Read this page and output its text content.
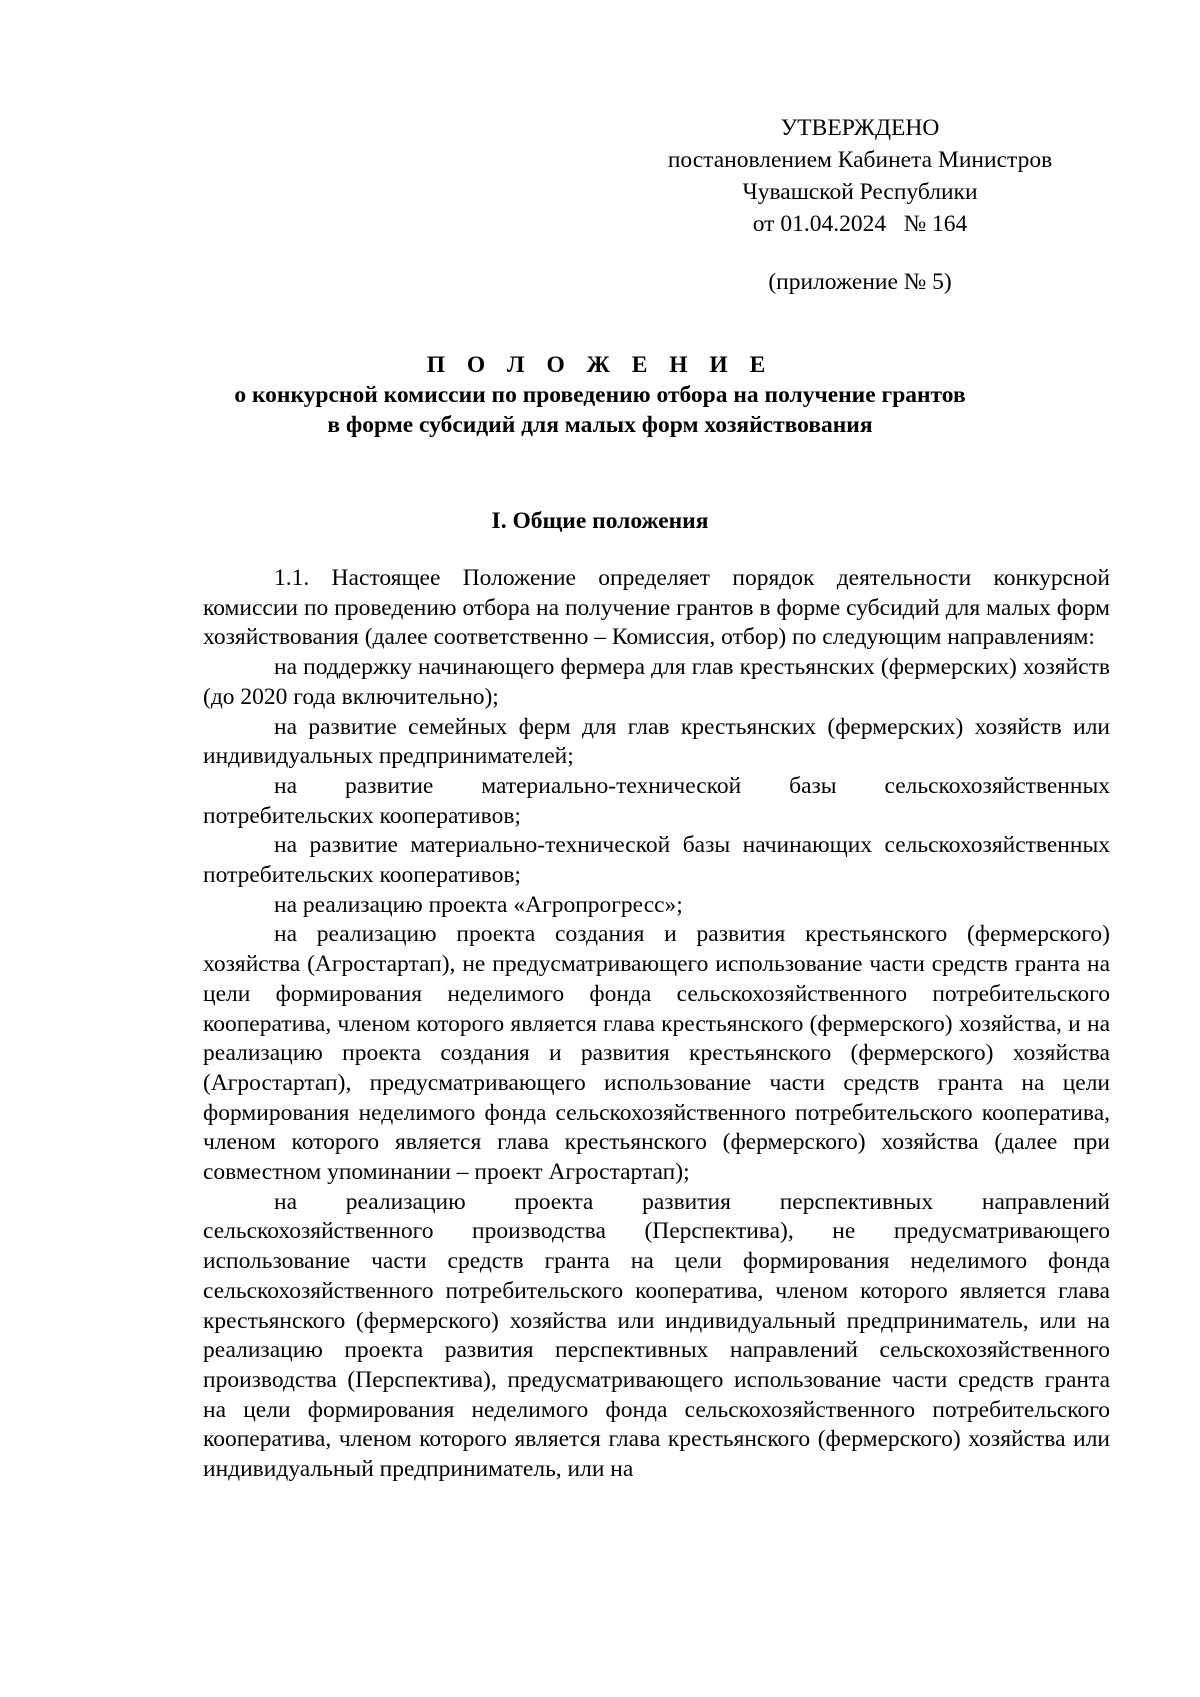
УТВЕРЖДЕНО
постановлением Кабинета Министров
Чувашской Республики
от 01.04.2024   № 164
(приложение № 5)
П О Л О Ж Е Н И Е
о конкурсной комиссии по проведению отбора на получение грантов
в форме субсидий для малых форм хозяйствования
I. Общие положения

1.1. Настоящее Положение определяет порядок деятельности конкурсной комиссии по проведению отбора на получение грантов в форме субсидий для малых форм хозяйствования (далее соответственно – Комиссия, отбор) по следующим направлениям:

на поддержку начинающего фермера для глав крестьянских (фермерских) хозяйств (до 2020 года включительно);

на развитие семейных ферм для глав крестьянских (фермерских) хозяйств или индивидуальных предпринимателей;

на развитие материально-технической базы сельскохозяйственных потребительских кооперативов;

на развитие материально-технической базы начинающих сельскохозяйственных потребительских кооперативов;

на реализацию проекта «Агропрогресс»;

на реализацию проекта создания и развития крестьянского (фермерского) хозяйства (Агростартап), не предусматривающего использование части средств гранта на цели формирования неделимого фонда сельскохозяйственного потребительского кооператива, членом которого является глава крестьянского (фермерского) хозяйства, и на реализацию проекта создания и развития крестьянского (фермерского) хозяйства (Агростартап), предусматривающего использование части средств гранта на цели формирования неделимого фонда сельскохозяйственного потребительского кооператива, членом которого является глава крестьянского (фермерского) хозяйства (далее при совместном упоминании – проект Агростартап);

на реализацию проекта развития перспективных направлений сельскохозяйственного производства (Перспектива), не предусматривающего использование части средств гранта на цели формирования неделимого фонда сельскохозяйственного потребительского кооператива, членом которого является глава крестьянского (фермерского) хозяйства или индивидуальный предприниматель, или на реализацию проекта развития перспективных направлений сельскохозяйственного производства (Перспектива), предусматривающего использование части средств гранта на цели формирования неделимого фонда сельскохозяйственного потребительского кооператива, членом которого является глава крестьянского (фермерского) хозяйства или индивидуальный предприниматель, или на
